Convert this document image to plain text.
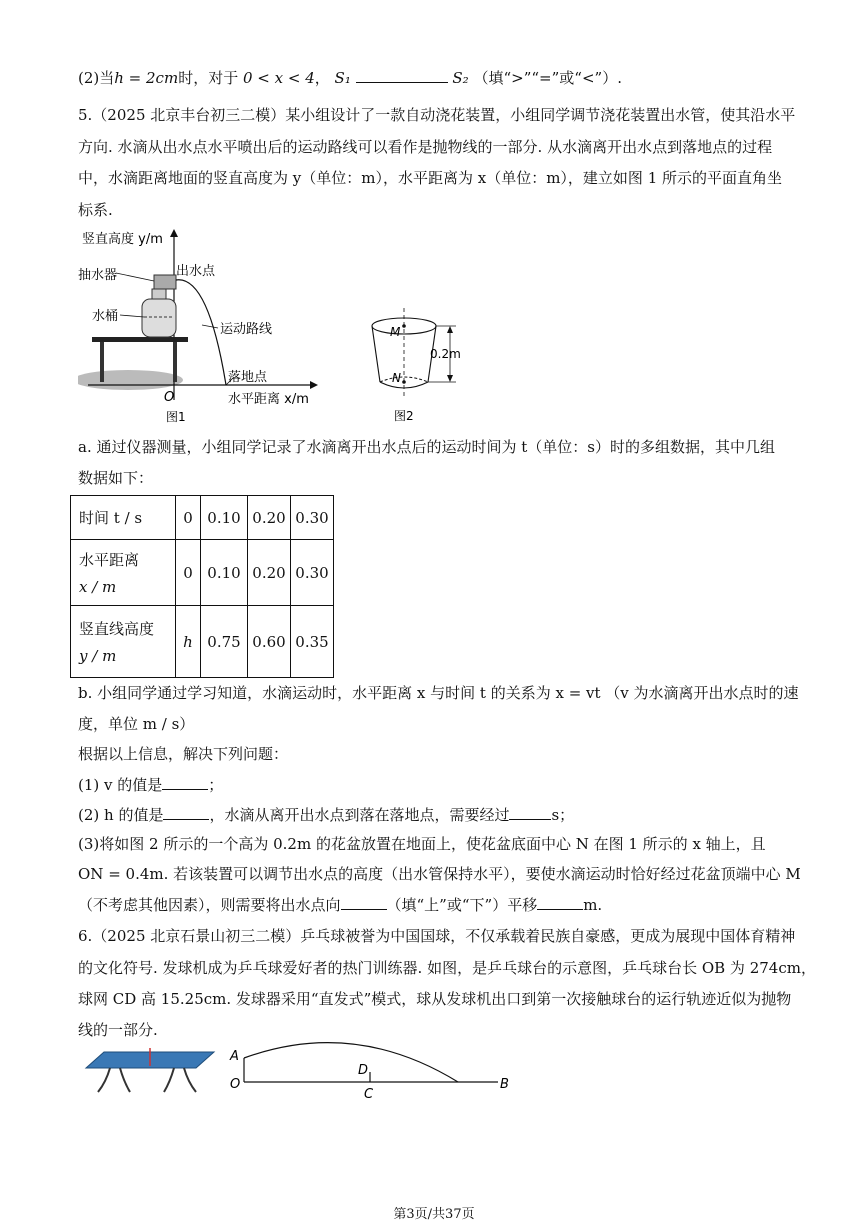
(2)当h = 2cm时，对于 0 < x < 4， S₁	S₂ （填“>”“=”或“<”）.
5.（2025 北京丰台初三二模）某小组设计了一款自动浇花装置，小组同学调节浇花装置出水管，使其沿水平
方向. 水滴从出水点水平喷出后的运动路线可以看作是抛物线的一部分. 从水滴离开出水点到落地点的过程
中，水滴距离地面的竖直高度为 y（单位：m），水平距离为 x（单位：m），建立如图 1 所示的平面直角坐
标系.
竖直高度 y/m
抽水器	出水点
水桶
运动路线
落地点
O	水平距离 x/m
图1
M
N
0.2m
图2
a. 通过仪器测量，小组同学记录了水滴离开出水点后的运动时间为 t（单位：s）时的多组数据，其中几组
数据如下：
时间 t / s	0	0.10	0.20	0.30

水平距离
x / m	0	0.10	0.20	0.30

竖直线高度
y / m	h	0.75	0.60	0.35
b. 小组同学通过学习知道，水滴运动时，水平距离 x 与时间 t 的关系为 x = vt （v 为水滴离开出水点时的速
度，单位 m / s）
根据以上信息，解决下列问题：
(1) v 的值是	；
(2) h 的值是	，水滴从离开出水点到落在落地点，需要经过	s；
(3)将如图 2 所示的一个高为 0.2m 的花盆放置在地面上，使花盆底面中心 N 在图 1 所示的 x 轴上，且
ON = 0.4m. 若该装置可以调节出水点的高度（出水管保持水平），要使水滴运动时恰好经过花盆顶端中心 M
（不考虑其他因素），则需要将出水点向	（填“上”或“下”）平移	m.
6.（2025 北京石景山初三二模）乒乓球被誉为中国国球，不仅承载着民族自豪感，更成为展现中国体育精神
的文化符号. 发球机成为乒乓球爱好者的热门训练器. 如图，是乒乓球台的示意图，乒乓球台长 OB 为 274cm，
球网 CD 高 15.25cm. 发球器采用“直发式”模式，球从发球机出口到第一次接触球台的运行轨迹近似为抛物
线的一部分.
A
O
D
C
B
第3页/共37页
